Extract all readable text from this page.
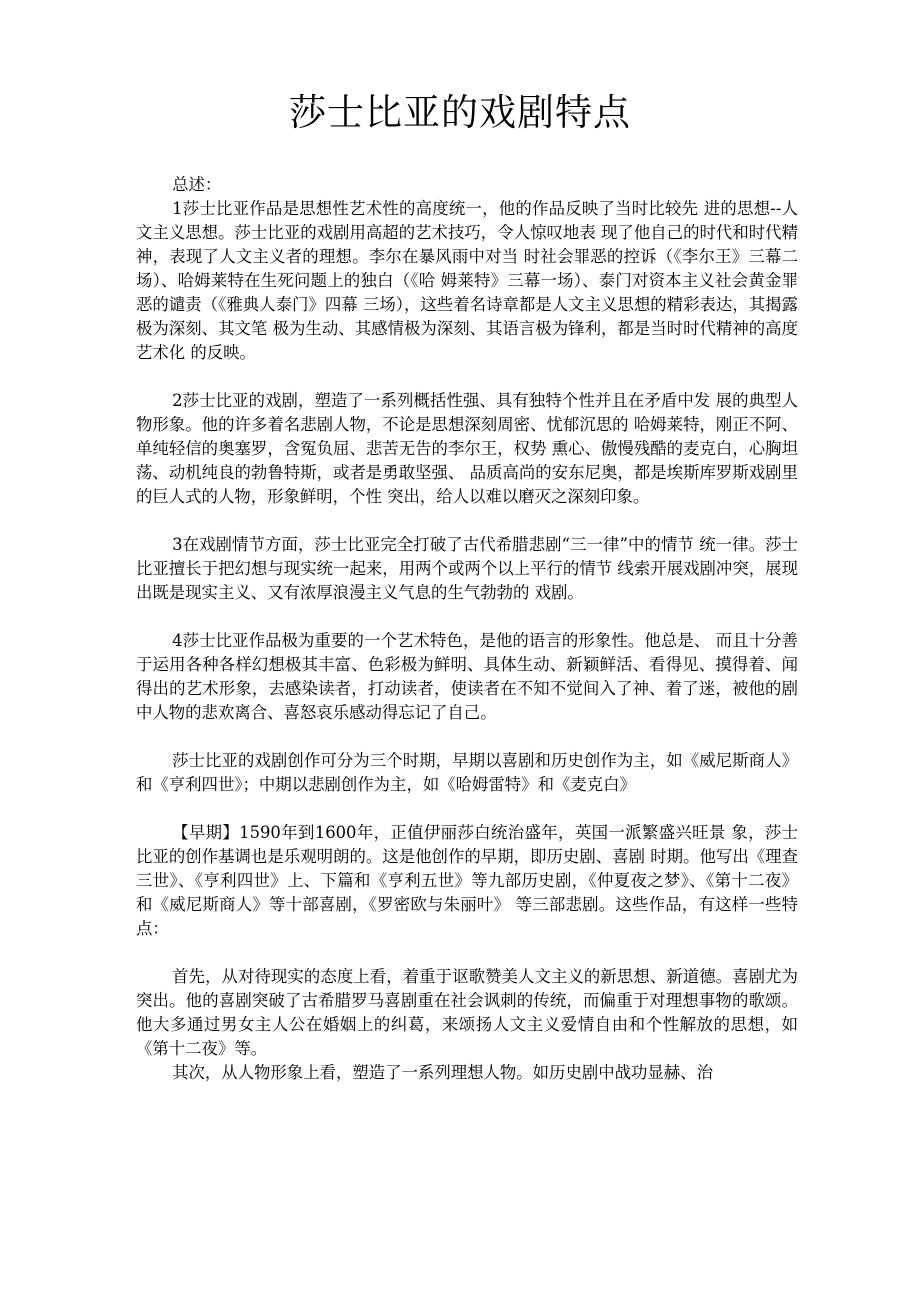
莎士比亚的戏剧特点

总述：

1莎士比亚作品是思想性艺术性的高度统一，他的作品反映了当时比较先 进的思想--人文主义思想。莎士比亚的戏剧用高超的艺术技巧，令人惊叹地表 现了他自己的时代和时代精神，表现了人文主义者的理想。李尔在暴风雨中对当 时社会罪恶的控诉（《李尔王》三幕二场）、哈姆莱特在生死问题上的独白（《哈 姆莱特》三幕一场）、泰门对资本主义社会黄金罪恶的谴责（《雅典人泰门》四幕 三场），这些着名诗章都是人文主义思想的精彩表达，其揭露极为深刻、其文笔 极为生动、其感情极为深刻、其语言极为锋利，都是当时时代精神的高度艺术化 的反映。

2莎士比亚的戏剧，塑造了一系列概括性强、具有独特个性并且在矛盾中发 展的典型人物形象。他的许多着名悲剧人物，不论是思想深刻周密、忧郁沉思的 哈姆莱特，刚正不阿、单纯轻信的奥塞罗，含冤负屈、悲苦无告的李尔王，权势 熏心、傲慢残酷的麦克白，心胸坦荡、动机纯良的勃鲁特斯，或者是勇敢坚强、 品质高尚的安东尼奥，都是埃斯库罗斯戏剧里的巨人式的人物，形象鲜明，个性 突出，给人以难以磨灭之深刻印象。

3在戏剧情节方面，莎士比亚完全打破了古代希腊悲剧“三一律”中的情节 统一律。莎士比亚擅长于把幻想与现实统一起来，用两个或两个以上平行的情节 线索开展戏剧冲突，展现出既是现实主义、又有浓厚浪漫主义气息的生气勃勃的 戏剧。

4莎士比亚作品极为重要的一个艺术特色，是他的语言的形象性。他总是、 而且十分善于运用各种各样幻想极其丰富、色彩极为鲜明、具体生动、新颖鲜活、看得见、摸得着、闻得出的艺术形象，去感染读者，打动读者，使读者在不知不觉间入了神、着了迷，被他的剧中人物的悲欢离合、喜怒哀乐感动得忘记了自己。

莎士比亚的戏剧创作可分为三个时期，早期以喜剧和历史创作为主，如《威尼斯商人》和《亨利四世》；中期以悲剧创作为主，如《哈姆雷特》和《麦克白》

【早期】1590年到1600年，正值伊丽莎白统治盛年，英国一派繁盛兴旺景 象，莎士比亚的创作基调也是乐观明朗的。这是他创作的早期，即历史剧、喜剧 时期。他写出《理查三世》、《亨利四世》上、下篇和《亨利五世》等九部历史剧，《仲夏夜之梦》、《第十二夜》和《威尼斯商人》等十部喜剧，《罗密欧与朱丽叶》 等三部悲剧。这些作品，有这样一些特点：

首先，从对待现实的态度上看，着重于讴歌赞美人文主义的新思想、新道德。喜剧尤为突出。他的喜剧突破了古希腊罗马喜剧重在社会讽刺的传统，而偏重于对理想事物的歌颂。他大多通过男女主人公在婚姻上的纠葛，来颂扬人文主义爱情自由和个性解放的思想，如《第十二夜》等。

其次，从人物形象上看，塑造了一系列理想人物。如历史剧中战功显赫、治
